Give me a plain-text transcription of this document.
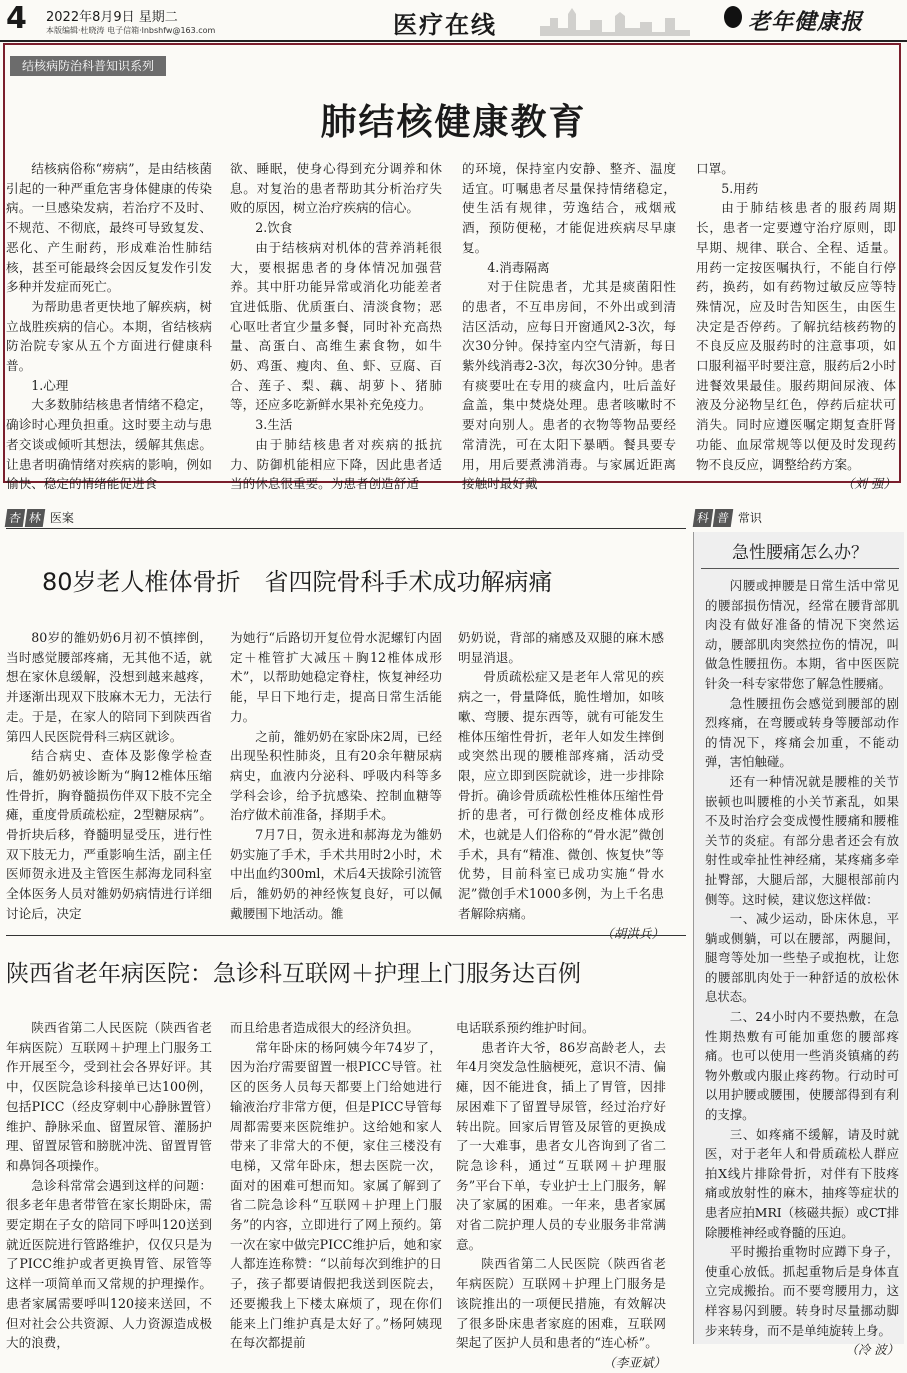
4	2022年8月9日 星期二
本版编辑·杜晓涛 电子信箱·lnbshfw@163.com	医疗在线	老年健康报
结核病防治科普知识系列
肺结核健康教育

结核病俗称“痨病”，是由结核菌引起的一种严重危害身体健康的传染病。一旦感染发病，若治疗不及时、不规范、不彻底，最终可导致复发、恶化、产生耐药，形成难治性肺结核，甚至可能最终会因反复发作引发多种并发症而死亡。

为帮助患者更快地了解疾病，树立战胜疾病的信心。本期，省结核病防治院专家从五个方面进行健康科普。

1.心理

大多数肺结核患者情绪不稳定，确诊时心理负担重。这时要主动与患者交谈或倾听其想法，缓解其焦虑。让患者明确情绪对疾病的影响，例如愉快、稳定的情绪能促进食

欲、睡眠，使身心得到充分调养和休息。对复治的患者帮助其分析治疗失败的原因，树立治疗疾病的信心。

2.饮食

由于结核病对机体的营养消耗很大，要根据患者的身体情况加强营养。其中肝功能异常或消化功能差者宜进低脂、优质蛋白、清淡食物；恶心呕吐者宜少量多餐，同时补充高热量、高蛋白、高维生素食物，如牛奶、鸡蛋、瘦肉、鱼、虾、豆腐、百合、莲子、梨、藕、胡萝卜、猪肺等，还应多吃新鲜水果补充免疫力。

3.生活

由于肺结核患者对疾病的抵抗力、防御机能相应下降，因此患者适当的休息很重要。为患者创造舒适

的环境，保持室内安静、整齐、温度适宜。叮嘱患者尽量保持情绪稳定，使生活有规律，劳逸结合，戒烟戒酒，预防便秘，才能促进疾病尽早康复。

4.消毒隔离

对于住院患者，尤其是痰菌阳性的患者，不互串房间，不外出或到清洁区活动，应每日开窗通风2-3次，每次30分钟。保持室内空气清新，每日紫外线消毒2-3次，每次30分钟。患者有痰要吐在专用的痰盒内，吐后盖好盒盖，集中焚烧处理。患者咳嗽时不要对向别人。患者的衣物等物品要经常清洗，可在太阳下暴晒。餐具要专用，用后要煮沸消毒。与家属近距离接触时最好戴

口罩。

5.用药

由于肺结核患者的服药周期长，患者一定要遵守治疗原则，即早期、规律、联合、全程、适量。用药一定按医嘱执行，不能自行停药，换药，如有药物过敏反应等特殊情况，应及时告知医生，由医生决定是否停药。了解抗结核药物的不良反应及服药时的注意事项，如口服利福平时要注意，服药后2小时进餐效果最佳。服药期间尿液、体液及分泌物呈红色，停药后症状可消失。同时应遵医嘱定期复查肝肾功能、血尿常规等以便及时发现药物不良反应，调整给药方案。

（刘 强）

杏 林 医案
80岁老人椎体骨折　省四院骨科手术成功解病痛

80岁的雒奶奶6月初不慎摔倒，当时感觉腰部疼痛，无其他不适，就想在家休息缓解，没想到越来越疼，并逐渐出现双下肢麻木无力，无法行走。于是，在家人的陪同下到陕西省第四人民医院骨科三病区就诊。

结合病史、查体及影像学检查后，雒奶奶被诊断为“胸12椎体压缩性骨折，胸脊髓损伤伴双下肢不完全瘫，重度骨质疏松症，2型糖尿病”。骨折块后移，脊髓明显受压，进行性双下肢无力，严重影响生活，副主任医师贺永进及主管医生郝海龙同科室全体医务人员对雒奶奶病情进行详细讨论后，决定

为她行“后路切开复位骨水泥螺钉内固定＋椎管扩大减压＋胸12椎体成形术”，以帮助她稳定脊柱，恢复神经功能，早日下地行走，提高日常生活能力。

之前，雒奶奶在家卧床2周，已经出现坠积性肺炎，且有20余年糖尿病病史，血液内分泌科、呼吸内科等多学科会诊，给予抗感染、控制血糖等治疗做术前准备，择期手术。

7月7日，贺永进和郝海龙为雒奶奶实施了手术，手术共用时2小时，术中出血约300ml，术后4天拔除引流管后，雒奶奶的神经恢复良好，可以佩戴腰围下地活动。雒

奶奶说，背部的痛感及双腿的麻木感明显消退。

骨质疏松症又是老年人常见的疾病之一，骨量降低，脆性增加，如咳嗽、弯腰、提东西等，就有可能发生椎体压缩性骨折，老年人如发生摔倒或突然出现的腰椎部疼痛，活动受限，应立即到医院就诊，进一步排除骨折。确诊骨质疏松性椎体压缩性骨折的患者，可行微创经皮椎体成形术，也就是人们俗称的“骨水泥”微创手术，具有“精准、微创、恢复快”等优势，目前科室已成功实施“骨水泥”微创手术1000多例，为上千名患者解除病痛。

（胡洪兵）

陕西省老年病医院：急诊科互联网＋护理上门服务达百例

陕西省第二人民医院（陕西省老年病医院）互联网＋护理上门服务工作开展至今，受到社会各界好评。其中，仅医院急诊科接单已达100例，包括PICC（经皮穿刺中心静脉置管）维护、静脉采血、留置尿管、灌肠护理、留置尿管和膀胱冲洗、留置胃管和鼻饲各项操作。

急诊科常常会遇到这样的问题：很多老年患者带管在家长期卧床，需要定期在子女的陪同下呼叫120送到就近医院进行管路维护，仅仅只是为了PICC维护或者更换胃管、尿管等这样一项简单而又常规的护理操作。患者家属需要呼叫120接来送回，不但对社会公共资源、人力资源造成极大的浪费，

而且给患者造成很大的经济负担。

常年卧床的杨阿姨今年74岁了，因为治疗需要留置一根PICC导管。社区的医务人员每天都要上门给她进行输液治疗非常方便，但是PICC导管每周都需要来医院维护。这给她和家人带来了非常大的不便，家住三楼没有电梯，又常年卧床，想去医院一次，面对的困难可想而知。家属了解到了省二院急诊科“互联网＋护理上门服务”的内容，立即进行了网上预约。第一次在家中做完PICC维护后，她和家人都连连称赞：“以前每次到维护的日子，孩子都要请假把我送到医院去，还要搬我上下楼太麻烦了，现在你们能来上门维护真是太好了。”杨阿姨现在每次都提前

电话联系预约维护时间。

患者许大爷，86岁高龄老人，去年4月突发急性脑梗死，意识不清、偏瘫，因不能进食，插上了胃管，因排尿困难下了留置导尿管，经过治疗好转出院。回家后胃管及尿管的更换成了一大难事，患者女儿咨询到了省二院急诊科，通过“互联网＋护理服务”平台下单，专业护士上门服务，解决了家属的困难。一年来，患者家属对省二院护理人员的专业服务非常满意。

陕西省第二人民医院（陕西省老年病医院）互联网＋护理上门服务是该院推出的一项便民措施，有效解决了很多卧床患者家庭的困难，互联网架起了医护人员和患者的“连心桥”。

（李亚斌）

科 普 常识
急性腰痛怎么办？

闪腰或抻腰是日常生活中常见的腰部损伤情况，经常在腰背部肌肉没有做好准备的情况下突然运动，腰部肌肉突然拉伤的情况，叫做急性腰扭伤。本期，省中医医院针灸一科专家带您了解急性腰痛。

急性腰扭伤会感觉到腰部的剧烈疼痛，在弯腰或转身等腰部动作的情况下，疼痛会加重，不能动弹，害怕触碰。

还有一种情况就是腰椎的关节嵌顿也叫腰椎的小关节紊乱，如果不及时治疗会变成慢性腰痛和腰椎关节的炎症。有部分患者还会有放射性或牵扯性神经痛，某疼痛多牵扯臀部，大腿后部，大腿根部前内侧等。这时候，建议您这样做：

一、减少运动，卧床休息，平躺或侧躺，可以在腰部，两腿间，腿弯等处加一些垫子或抱枕，让您的腰部肌肉处于一种舒适的放松休息状态。

二、24小时内不要热敷，在急性期热敷有可能加重您的腰部疼痛。也可以使用一些消炎镇痛的药物外敷或内服止疼药物。行动时可以用护腰或腰围，使腰部得到有利的支撑。

三、如疼痛不缓解，请及时就医，对于老年人和骨质疏松人群应拍X线片排除骨折，对伴有下肢疼痛或放射性的麻木，抽疼等症状的患者应拍MRI（核磁共振）或CT排除腰椎神经或脊髓的压迫。

平时搬抬重物时应蹲下身子，使重心放低。抓起重物后是身体直立完成搬抬。而不要弯腰用力，这样容易闪到腰。转身时尽量挪动脚步来转身，而不是单纯旋转上身。

（冷 波）
